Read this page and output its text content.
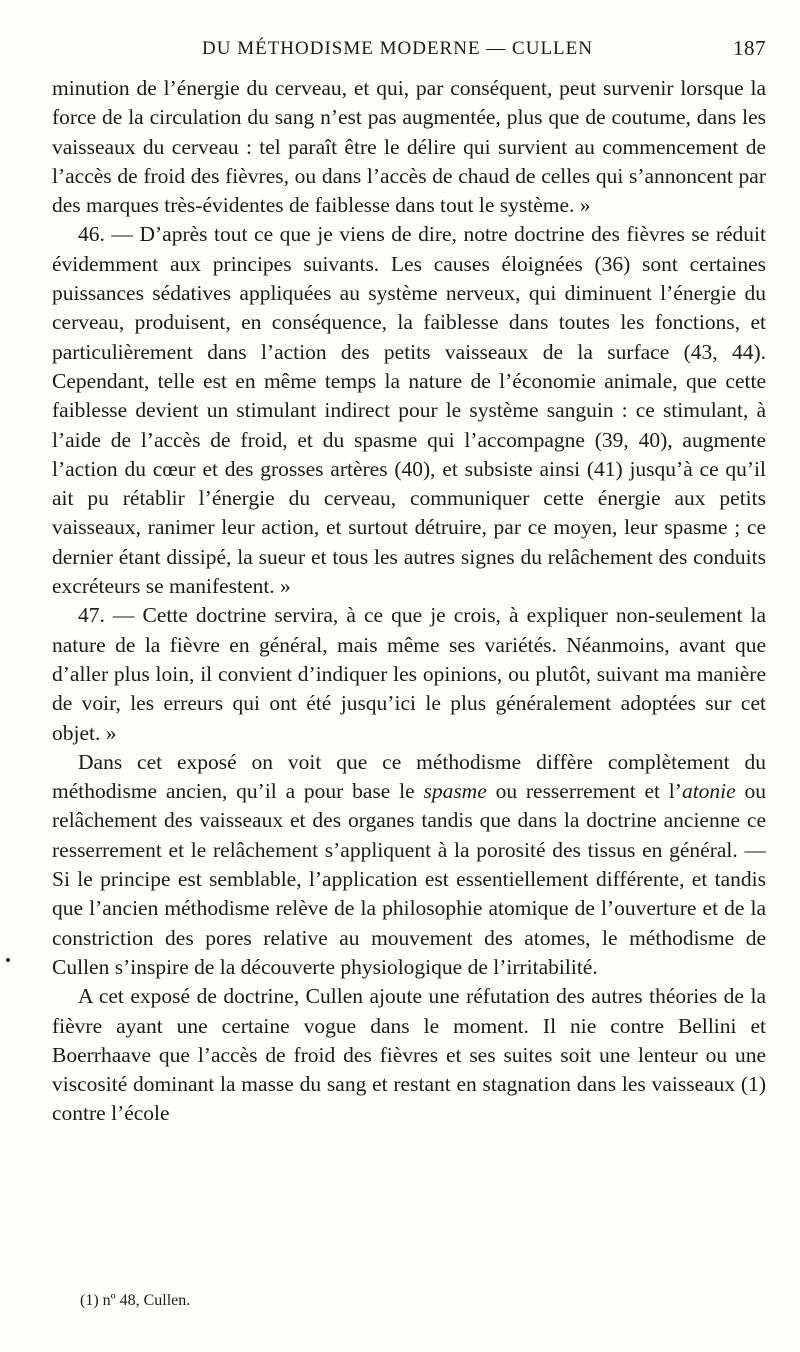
DU MÉTHODISME MODERNE — CULLEN	187

minution de l’énergie du cerveau, et qui, par conséquent, peut survenir lorsque la force de la circulation du sang n’est pas augmentée, plus que de coutume, dans les vaisseaux du cerveau : tel paraît être le délire qui survient au commencement de l’accès de froid des fièvres, ou dans l’accès de chaud de celles qui s’annoncent par des marques très-évidentes de faiblesse dans tout le système. »

46. — D’après tout ce que je viens de dire, notre doctrine des fièvres se réduit évidemment aux principes suivants. Les causes éloignées (36) sont certaines puissances sédatives appliquées au système nerveux, qui diminuent l’énergie du cerveau, produisent, en conséquence, la faiblesse dans toutes les fonctions, et particulièrement dans l’action des petits vaisseaux de la surface (43, 44). Cependant, telle est en même temps la nature de l’économie animale, que cette faiblesse devient un stimulant indirect pour le système sanguin : ce stimulant, à l’aide de l’accès de froid, et du spasme qui l’accompagne (39, 40), augmente l’action du cœur et des grosses artères (40), et subsiste ainsi (41) jusqu’à ce qu’il ait pu rétablir l’énergie du cerveau, communiquer cette énergie aux petits vaisseaux, ranimer leur action, et surtout détruire, par ce moyen, leur spasme ; ce dernier étant dissipé, la sueur et tous les autres signes du relâchement des conduits excréteurs se manifestent. »

47. — Cette doctrine servira, à ce que je crois, à expliquer non-seulement la nature de la fièvre en général, mais même ses variétés. Néanmoins, avant que d’aller plus loin, il convient d’indiquer les opinions, ou plutôt, suivant ma manière de voir, les erreurs qui ont été jusqu’ici le plus généralement adoptées sur cet objet. »

Dans cet exposé on voit que ce méthodisme diffère complètement du méthodisme ancien, qu’il a pour base le spasme ou resserrement et l’atonie ou relâchement des vaisseaux et des organes tandis que dans la doctrine ancienne ce resserrement et le relâchement s’appliquent à la porosité des tissus en général. — Si le principe est semblable, l’application est essentiellement différente, et tandis que l’ancien méthodisme relève de la philosophie atomique de l’ouverture et de la constriction des pores relative au mouvement des atomes, le méthodisme de Cullen s’inspire de la découverte physiologique de l’irritabilité.

A cet exposé de doctrine, Cullen ajoute une réfutation des autres théories de la fièvre ayant une certaine vogue dans le moment. Il nie contre Bellini et Boerrhaave que l’accès de froid des fièvres et ses suites soit une lenteur ou une viscosité dominant la masse du sang et restant en stagnation dans les vaisseaux (1) contre l’école

(1) nº 48, Cullen.
